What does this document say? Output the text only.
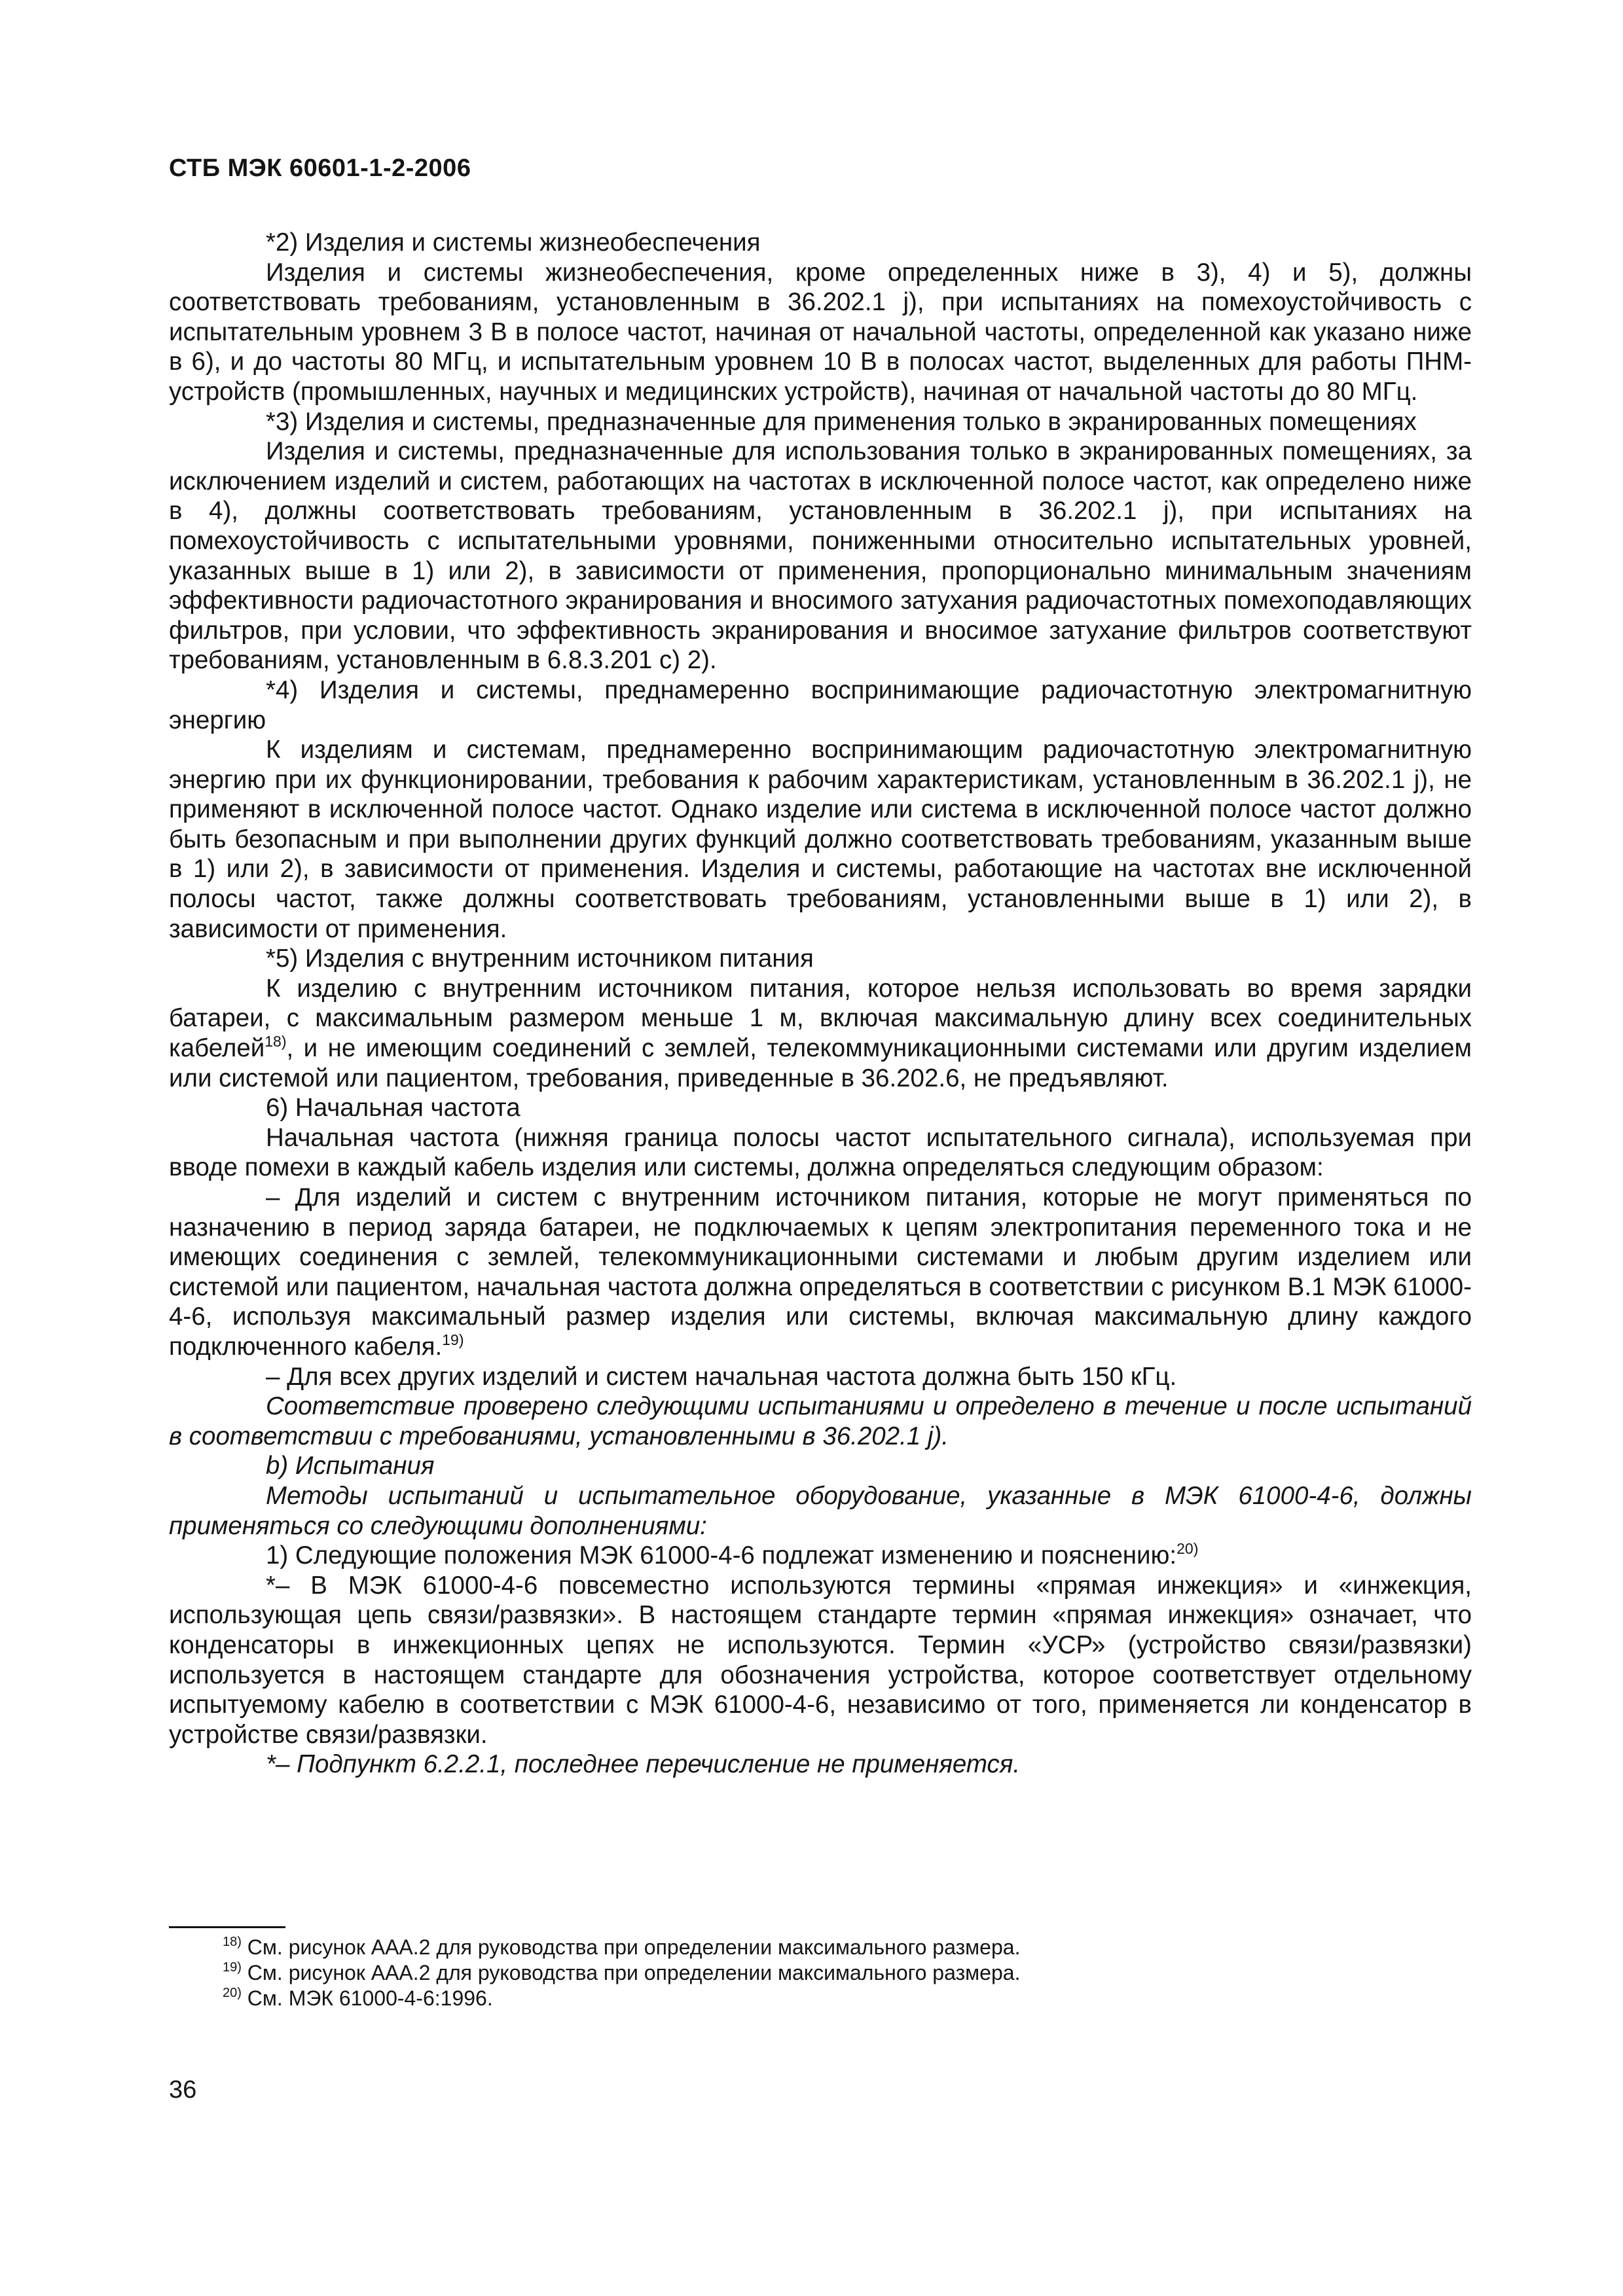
СТБ МЭК 60601-1-2-2006

*2) Изделия и системы жизнеобеспечения

Изделия и системы жизнеобеспечения, кроме определенных ниже в 3), 4) и 5), должны соответствовать требованиям, установленным в 36.202.1 j), при испытаниях на помехоустойчивость с испытательным уровнем 3 В в полосе частот, начиная от начальной частоты, определенной как указано ниже в 6), и до частоты 80 МГц, и испытательным уровнем 10 В в полосах частот, выделенных для работы ПНМ-устройств (промышленных, научных и медицинских устройств), начиная от начальной частоты до 80 МГц.

*3) Изделия и системы, предназначенные для применения только в экранированных помещениях

Изделия и системы, предназначенные для использования только в экранированных помещениях, за исключением изделий и систем, работающих на частотах в исключенной полосе частот, как определено ниже в 4), должны соответствовать требованиям, установленным в 36.202.1 j), при испытаниях на помехоустойчивость с испытательными уровнями, пониженными относительно испытательных уровней, указанных выше в 1) или 2), в зависимости от применения, пропорционально минимальным значениям эффективности радиочастотного экранирования и вносимого затухания радиочастотных помехоподавляющих фильтров, при условии, что эффективность экранирования и вносимое затухание фильтров соответствуют требованиям, установленным в 6.8.3.201 с) 2).

*4) Изделия и системы, преднамеренно воспринимающие радиочастотную электромагнитную энергию

К изделиям и системам, преднамеренно воспринимающим радиочастотную электромагнитную энергию при их функционировании, требования к рабочим характеристикам, установленным в 36.202.1 j), не применяют в исключенной полосе частот. Однако изделие или система в исключенной полосе частот должно быть безопасным и при выполнении других функций должно соответствовать требованиям, указанным выше в 1) или 2), в зависимости от применения. Изделия и системы, работающие на частотах вне исключенной полосы частот, также должны соответствовать требованиям, установленными выше в 1) или 2), в зависимости от применения.

*5) Изделия с внутренним источником питания

К изделию с внутренним источником питания, которое нельзя использовать во время зарядки батареи, с максимальным размером меньше 1 м, включая максимальную длину всех соединительных кабелей$^{18)}$, и не имеющим соединений с землей, телекоммуникационными системами или другим изделием или системой или пациентом, требования, приведенные в 36.202.6, не предъявляют.

6) Начальная частота

Начальная частота (нижняя граница полосы частот испытательного сигнала), используемая при вводе помехи в каждый кабель изделия или системы, должна определяться следующим образом:

– Для изделий и систем с внутренним источником питания, которые не могут применяться по назначению в период заряда батареи, не подключаемых к цепям электропитания переменного тока и не имеющих соединения с землей, телекоммуникационными системами и любым другим изделием или системой или пациентом, начальная частота должна определяться в соответствии с рисунком В.1 МЭК 61000-4-6, используя максимальный размер изделия или системы, включая максимальную длину каждого подключенного кабеля.$^{19)}$

– Для всех других изделий и систем начальная частота должна быть 150 кГц.

Соответствие проверено следующими испытаниями и определено в течение и после испытаний в соответствии с требованиями, установленными в 36.202.1 j).

b) Испытания

Методы испытаний и испытательное оборудование, указанные в МЭК 61000-4-6, должны применяться со следующими дополнениями:

1) Следующие положения МЭК 61000-4-6 подлежат изменению и пояснению:$^{20)}$

*– В МЭК 61000-4-6 повсеместно используются термины «прямая инжекция» и «инжекция, использующая цепь связи/развязки». В настоящем стандарте термин «прямая инжекция» означает, что конденсаторы в инжекционных цепях не используются. Термин «УСР» (устройство связи/развязки) используется в настоящем стандарте для обозначения устройства, которое соответствует отдельному испытуемому кабелю в соответствии с МЭК 61000-4-6, независимо от того, применяется ли конденсатор в устройстве связи/развязки.

*– Подпункт 6.2.2.1, последнее перечисление не применяется.

$^{18)}$ См. рисунок ААА.2 для руководства при определении максимального размера.

$^{19)}$ См. рисунок ААА.2 для руководства при определении максимального размера.

$^{20)}$ См. МЭК 61000-4-6:1996.

36
